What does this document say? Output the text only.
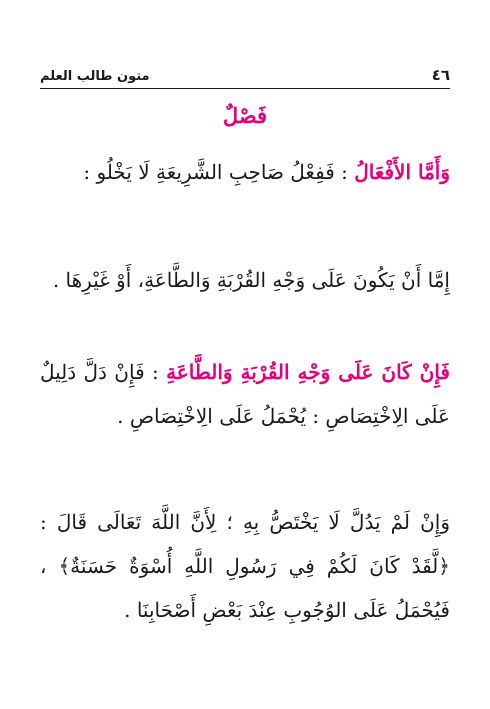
٤٦
متون طالب العلم
فَصْلٌ
وَأَمَّا الأَفْعَالُ : فَفِعْلُ صَاحِبِ الشَّرِيعَةِ لَا يَخْلُو :
إِمَّا أَنْ يَكُونَ عَلَى وَجْهِ القُرْبَةِ وَالطَّاعَةِ، أَوْ غَيْرِهَا .
فَإِنْ كَانَ عَلَى وَجْهِ القُرْبَةِ وَالطَّاعَةِ : فَإِنْ دَلَّ دَلِيلٌ عَلَى الِاخْتِصَاصِ : يُحْمَلُ عَلَى الِاخْتِصَاصِ .
وَإِنْ لَمْ يَدُلَّ لَا يَخْتَصُّ بِهِ ؛ لِأَنَّ اللَّهَ تَعَالَى قَالَ : ﴿لَّقَدْ كَانَ لَكُمْ فِي رَسُولِ اللَّهِ أُسْوَةٌ حَسَنَةٌ﴾ ، فَيُحْمَلُ عَلَى الوُجُوبِ عِنْدَ بَعْضِ أَصْحَابِنَا .
